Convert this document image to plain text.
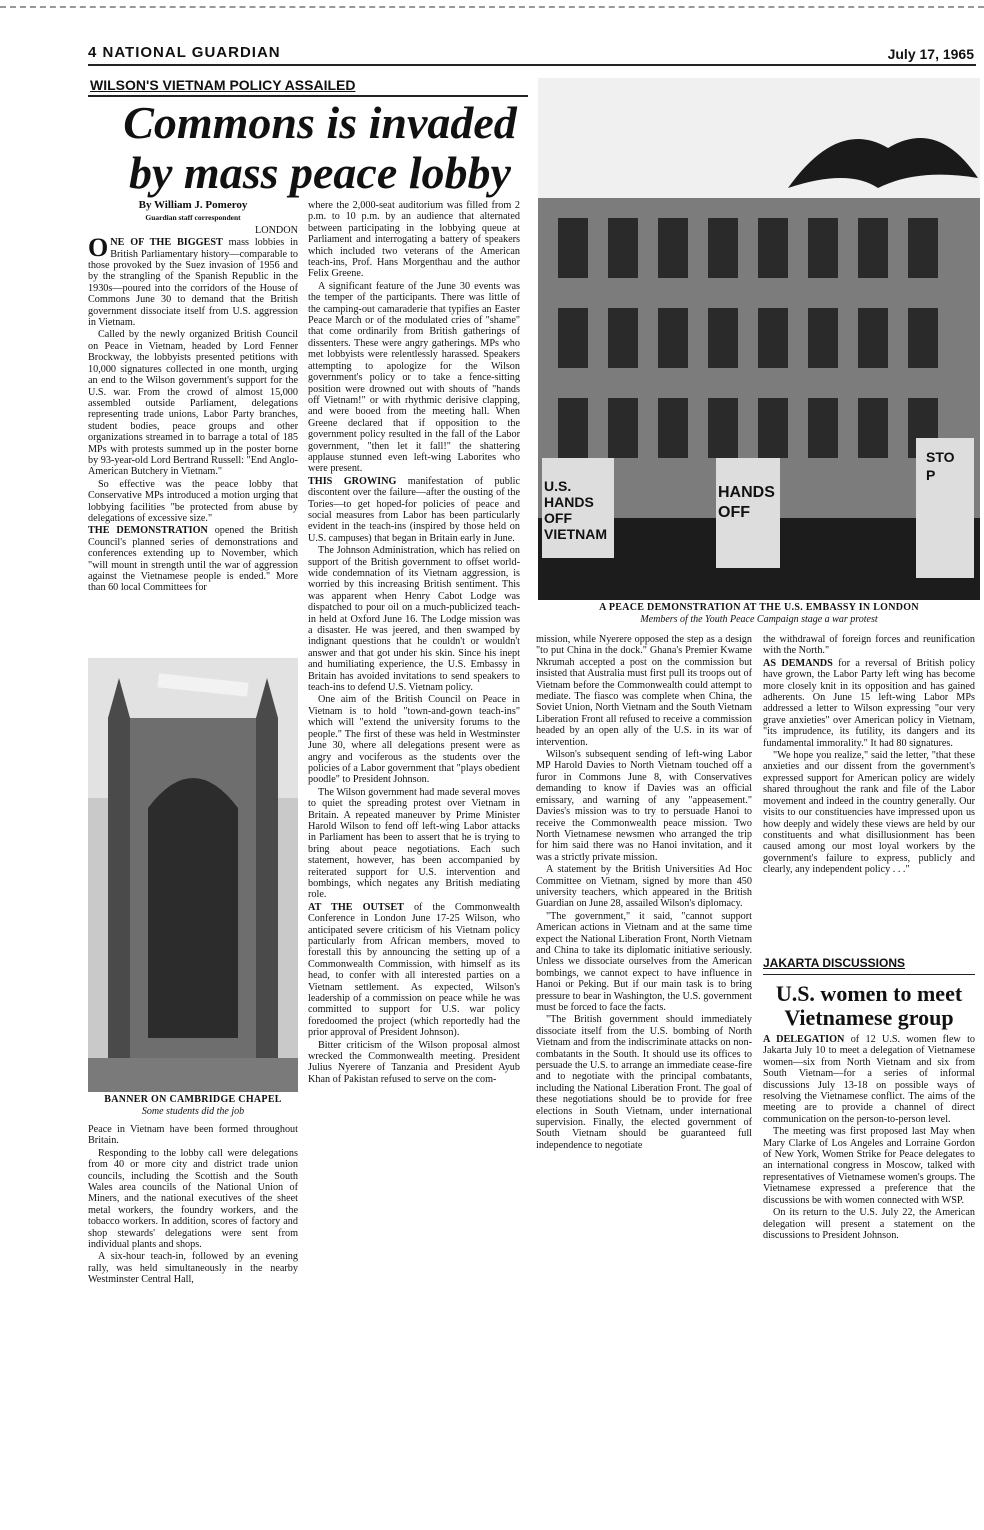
4 NATIONAL GUARDIAN	July 17, 1965
WILSON'S VIETNAM POLICY ASSAILED
Commons is invaded by mass peace lobby

By William J. Pomeroy

Guardian staff correspondent

LONDON

ONE OF THE BIGGEST mass lobbies in British Parliamentary history—comparable to those provoked by the Suez invasion of 1956 and by the strangling of the Spanish Republic in the 1930s—poured into the corridors of the House of Commons June 30 to demand that the British government dissociate itself from U.S. aggression in Vietnam.

Called by the newly organized British Council on Peace in Vietnam, headed by Lord Fenner Brockway, the lobbyists presented petitions with 10,000 signatures collected in one month, urging an end to the Wilson government's support for the U.S. war. From the crowd of almost 15,000 assembled outside Parliament, delegations representing trade unions, Labor Party branches, student bodies, peace groups and other organizations streamed in to barrage a total of 185 MPs with protests summed up in the poster borne by 93-year-old Lord Bertrand Russell: "End Anglo-American Butchery in Vietnam."

So effective was the peace lobby that Conservative MPs introduced a motion urging that lobbying facilities "be protected from abuse by delegations of excessive size."

THE DEMONSTRATION opened the British Council's planned series of demonstrations and conferences extending up to November, which "will mount in strength until the war of aggression against the Vietnamese people is ended." More than 60 local Committees for

BANNER ON CAMBRIDGE CHAPEL
Some students did the job

Peace in Vietnam have been formed throughout Britain.

Responding to the lobby call were delegations from 40 or more city and district trade union councils, including the Scottish and the South Wales area councils of the National Union of Miners, and the national executives of the sheet metal workers, the foundry workers, and the tobacco workers. In addition, scores of factory and shop stewards' delegations were sent from individual plants and shops.

A six-hour teach-in, followed by an evening rally, was held simultaneously in the nearby Westminster Central Hall,

where the 2,000-seat auditorium was filled from 2 p.m. to 10 p.m. by an audience that alternated between participating in the lobbying queue at Parliament and interrogating a battery of speakers which included two veterans of the American teach-ins, Prof. Hans Morgenthau and the author Felix Greene.

A significant feature of the June 30 events was the temper of the participants. There was little of the camping-out camaraderie that typifies an Easter Peace March or of the modulated cries of "shame" that come ordinarily from British gatherings of dissenters. These were angry gatherings. MPs who met lobbyists were relentlessly harassed. Speakers attempting to apologize for the Wilson government's policy or to take a fence-sitting position were drowned out with shouts of "hands off Vietnam!" or with rhythmic derisive clapping, and were booed from the meeting hall. When Greene declared that if opposition to the government policy resulted in the fall of the Labor government, "then let it fall!" the shattering applause stunned even left-wing Laborites who were present.

THIS GROWING manifestation of public discontent over the failure—after the ousting of the Tories—to get hoped-for policies of peace and social measures from Labor has been particularly evident in the teach-ins (inspired by those held on U.S. campuses) that began in Britain early in June.

The Johnson Administration, which has relied on support of the British government to offset world-wide condemnation of its Vietnam aggression, is worried by this increasing British sentiment. This was apparent when Henry Cabot Lodge was dispatched to pour oil on a much-publicized teach-in held at Oxford June 16. The Lodge mission was a disaster. He was jeered, and then swamped by indignant questions that he couldn't or wouldn't answer and that got under his skin. Since his inept and humiliating experience, the U.S. Embassy in Britain has avoided invitations to send speakers to teach-ins to defend U.S. Vietnam policy.

One aim of the British Council on Peace in Vietnam is to hold "town-and-gown teach-ins" which will "extend the university forums to the people." The first of these was held in Westminster June 30, where all delegations present were as angry and vociferous as the students over the policies of a Labor government that "plays obedient poodle" to President Johnson.

The Wilson government had made several moves to quiet the spreading protest over Vietnam in Britain. A repeated maneuver by Prime Minister Harold Wilson to fend off left-wing Labor attacks in Parliament has been to assert that he is trying to bring about peace negotiations. Each such statement, however, has been accompanied by reiterated support for U.S. intervention and bombings, which negates any British mediating role.

AT THE OUTSET of the Commonwealth Conference in London June 17-25 Wilson, who anticipated severe criticism of his Vietnam policy particularly from African members, moved to forestall this by announcing the setting up of a Commonwealth Commission, with himself as its head, to confer with all interested parties on a Vietnam settlement. As expected, Wilson's leadership of a commission on peace while he was committed to support for U.S. war policy foredoomed the project (which reportedly had the prior approval of President Johnson).

Bitter criticism of the Wilson proposal almost wrecked the Commonwealth meeting. President Julius Nyerere of Tanzania and President Ayub Khan of Pakistan refused to serve on the com-

U.S. HANDS OFF VIETNAM
HANDS OFF
STOP
A PEACE DEMONSTRATION AT THE U.S. EMBASSY IN LONDON
Members of the Youth Peace Campaign stage a war protest

mission, while Nyerere opposed the step as a design "to put China in the dock." Ghana's Premier Kwame Nkrumah accepted a post on the commission but insisted that Australia must first pull its troops out of Vietnam before the Commonwealth could attempt to mediate. The fiasco was complete when China, the Soviet Union, North Vietnam and the South Vietnam Liberation Front all refused to receive a commission headed by an open ally of the U.S. in its war of intervention.

Wilson's subsequent sending of left-wing Labor MP Harold Davies to North Vietnam touched off a furor in Commons June 8, with Conservatives demanding to know if Davies was an official emissary, and warning of any "appeasement." Davies's mission was to try to persuade Hanoi to receive the Commonwealth peace mission. Two North Vietnamese newsmen who arranged the trip for him said there was no Hanoi invitation, and it was a strictly private mission.

A statement by the British Universities Ad Hoc Committee on Vietnam, signed by more than 450 university teachers, which appeared in the British Guardian on June 28, assailed Wilson's diplomacy.

"The government," it said, "cannot support American actions in Vietnam and at the same time expect the National Liberation Front, North Vietnam and China to take its diplomatic initiative seriously. Unless we dissociate ourselves from the American bombings, we cannot expect to have influence in Hanoi or Peking. But if our main task is to bring pressure to bear in Washington, the U.S. government must be forced to face the facts.

"The British government should immediately dissociate itself from the U.S. bombing of North Vietnam and from the indiscriminate attacks on non-combatants in the South. It should use its offices to persuade the U.S. to arrange an immediate cease-fire and to negotiate with the principal combatants, including the National Liberation Front. The goal of these negotiations should be to provide for free elections in South Vietnam, under international supervision. Finally, the elected government of South Vietnam should be guaranteed full independence to negotiate

the withdrawal of foreign forces and reunification with the North."

AS DEMANDS for a reversal of British policy have grown, the Labor Party left wing has become more closely knit in its opposition and has gained adherents. On June 15 left-wing Labor MPs addressed a letter to Wilson expressing "our very grave anxieties" over American policy in Vietnam, "its imprudence, its futility, its dangers and its fundamental immorality." It had 80 signatures.

"We hope you realize," said the letter, "that these anxieties and our dissent from the government's expressed support for American policy are widely shared throughout the rank and file of the Labor movement and indeed in the country generally. Our visits to our constituencies have impressed upon us how deeply and widely these views are held by our constituents and what disillusionment has been caused among our most loyal workers by the government's failure to express, publicly and clearly, any independent policy . . ."

JAKARTA DISCUSSIONS
U.S. women to meet Vietnamese group

A DELEGATION of 12 U.S. women flew to Jakarta July 10 to meet a delegation of Vietnamese women—six from North Vietnam and six from South Vietnam—for a series of informal discussions July 13-18 on possible ways of resolving the Vietnamese conflict. The aims of the meeting are to provide a channel of direct communication on the person-to-person level.

The meeting was first proposed last May when Mary Clarke of Los Angeles and Lorraine Gordon of New York, Women Strike for Peace delegates to an international congress in Moscow, talked with representatives of Vietnamese women's groups. The Vietnamese expressed a preference that the discussions be with women connected with WSP.

On its return to the U.S. July 22, the American delegation will present a statement on the discussions to President Johnson.
